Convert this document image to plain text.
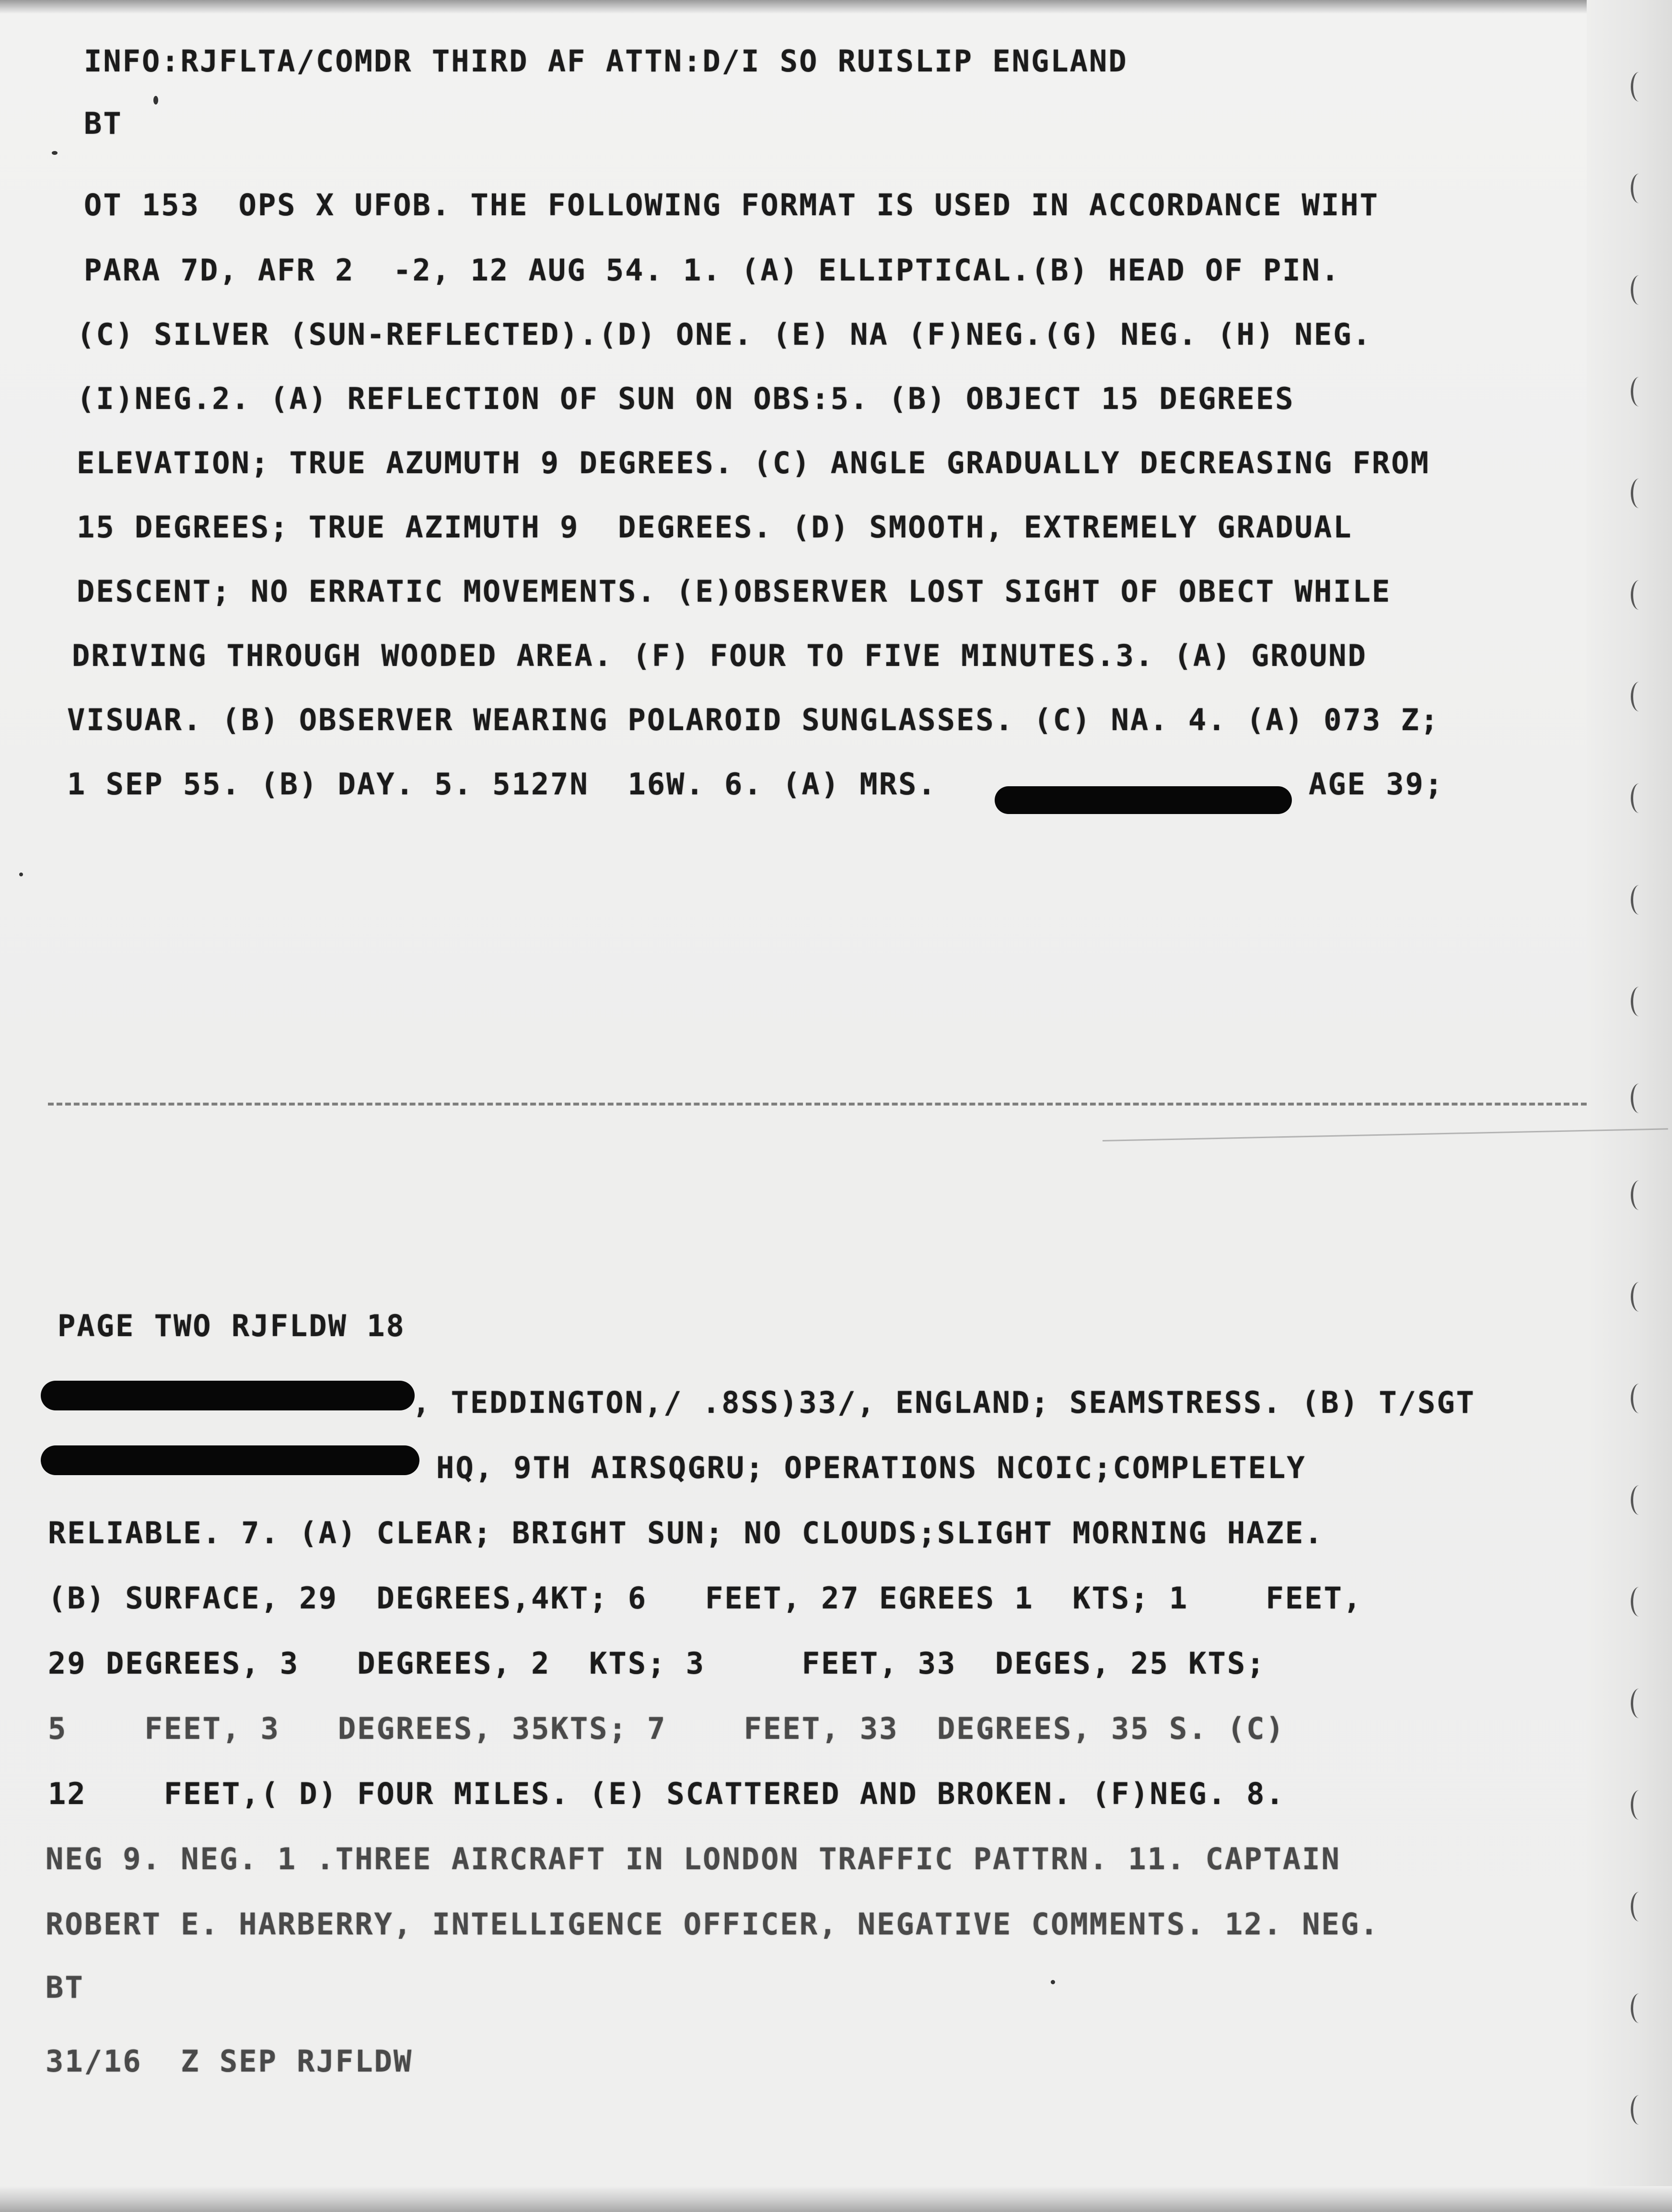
INFO:RJFLTA/COMDR THIRD AF ATTN:D/I SO RUISLIP ENGLAND
BT
OT 153  OPS X UFOB. THE FOLLOWING FORMAT IS USED IN ACCORDANCE WIHT
PARA 7D, AFR 2  -2, 12 AUG 54. 1. (A) ELLIPTICAL.(B) HEAD OF PIN.
(C) SILVER (SUN-REFLECTED).(D) ONE. (E) NA (F)NEG.(G) NEG. (H) NEG.
(I)NEG.2. (A) REFLECTION OF SUN ON OBS:5. (B) OBJECT 15 DEGREES
ELEVATION; TRUE AZUMUTH 9 DEGREES. (C) ANGLE GRADUALLY DECREASING FROM
15 DEGREES; TRUE AZIMUTH 9  DEGREES. (D) SMOOTH, EXTREMELY GRADUAL
DESCENT; NO ERRATIC MOVEMENTS. (E)OBSERVER LOST SIGHT OF OBECT WHILE
DRIVING THROUGH WOODED AREA. (F) FOUR TO FIVE MINUTES.3. (A) GROUND
VISUAR. (B) OBSERVER WEARING POLAROID SUNGLASSES. (C) NA. 4. (A) 073 Z;
1 SEP 55. (B) DAY. 5. 5127N  16W. 6. (A) MRS.	AGE 39;
PAGE TWO RJFLDW 18
, TEDDINGTON,/ .8SS)33/, ENGLAND; SEAMSTRESS. (B) T/SGT
HQ, 9TH AIRSQGRU; OPERATIONS NCOIC;COMPLETELY
RELIABLE. 7. (A) CLEAR; BRIGHT SUN; NO CLOUDS;SLIGHT MORNING HAZE.
(B) SURFACE, 29  DEGREES,4KT; 6   FEET, 27 EGREES 1  KTS; 1    FEET,
29 DEGREES, 3   DEGREES, 2  KTS; 3     FEET, 33  DEGES, 25 KTS;
5    FEET, 3   DEGREES, 35KTS; 7    FEET, 33  DEGREES, 35 S. (C)
12    FEET,( D) FOUR MILES. (E) SCATTERED AND BROKEN. (F)NEG. 8.
NEG 9. NEG. 1 .THREE AIRCRAFT IN LONDON TRAFFIC PATTRN. 11. CAPTAIN
ROBERT E. HARBERRY, INTELLIGENCE OFFICER, NEGATIVE COMMENTS. 12. NEG.
BT
31/16  Z SEP RJFLDW
